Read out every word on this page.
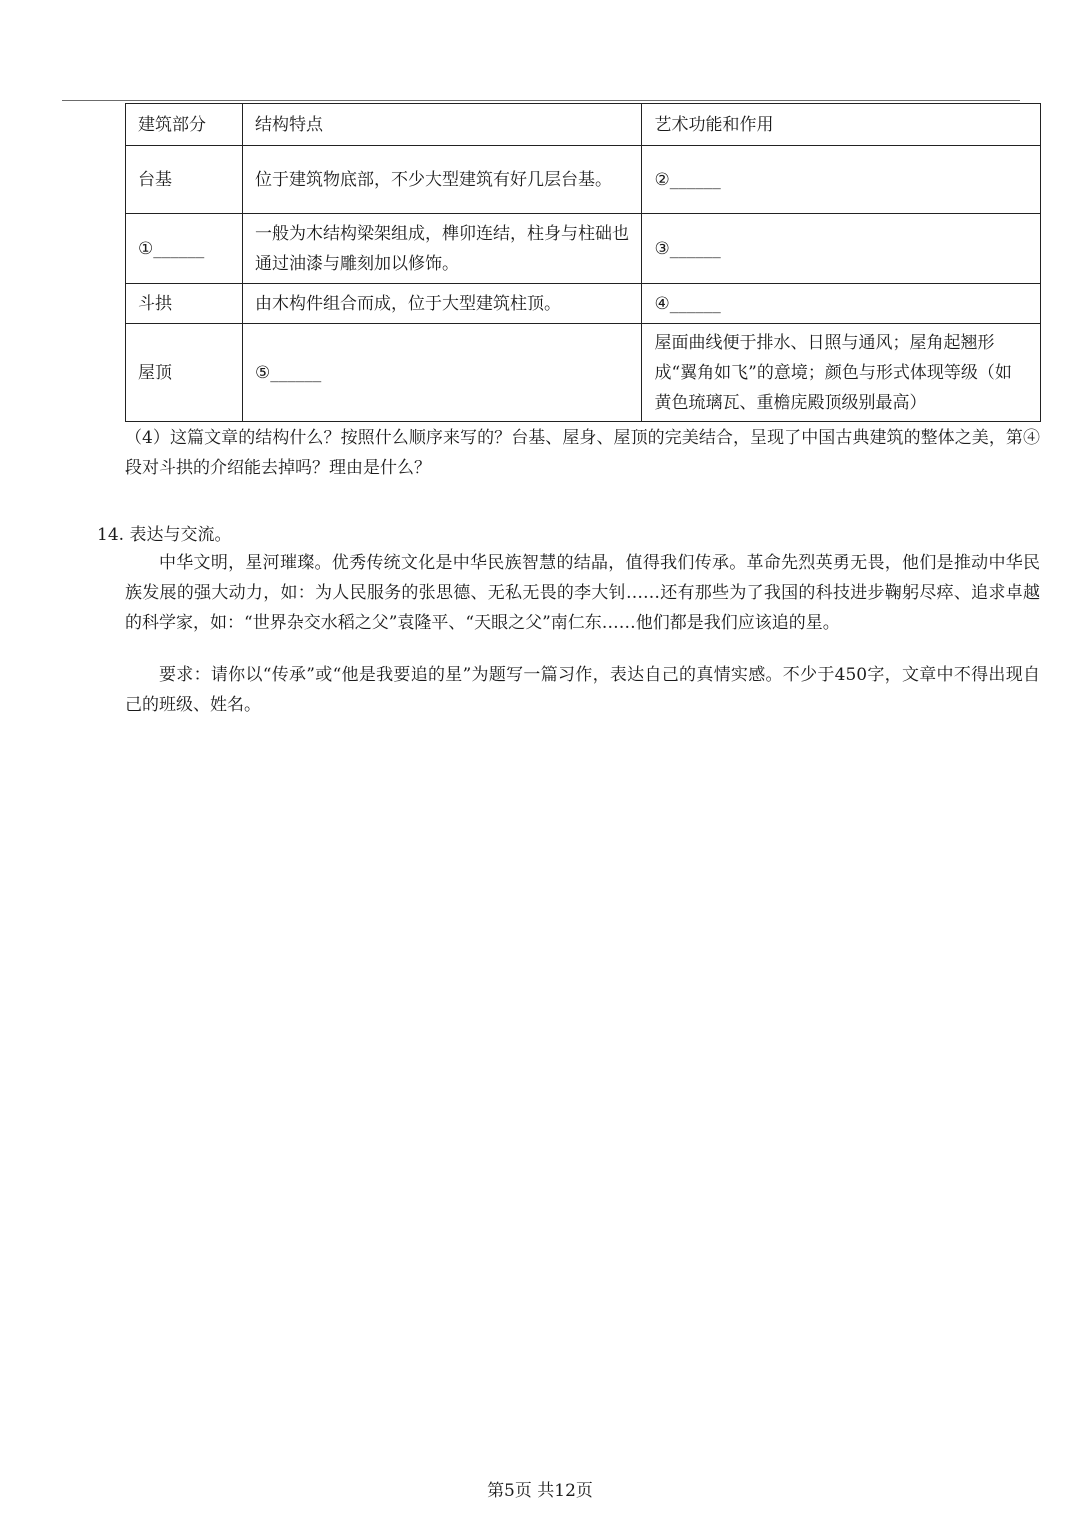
建筑部分	结构特点	艺术功能和作用
台基	位于建筑物底部，不少大型建筑有好几层台基。	②______
①______	一般为木结构梁架组成，榫卯连结，柱身与柱础也通过油漆与雕刻加以修饰。	③______
斗拱	由木构件组合而成，位于大型建筑柱顶。	④______
屋顶	⑤______	屋面曲线便于排水、日照与通风；屋角起翘形成“翼角如飞”的意境；颜色与形式体现等级（如黄色琉璃瓦、重檐庑殿顶级别最高）
（4）这篇文章的结构什么？按照什么顺序来写的？台基、屋身、屋顶的完美结合，呈现了中国古典建筑的整体之美，第④段对斗拱的介绍能去掉吗？理由是什么？
14. 表达与交流。
中华文明，星河璀璨。优秀传统文化是中华民族智慧的结晶，值得我们传承。革命先烈英勇无畏，他们是推动中华民族发展的强大动力，如：为人民服务的张思德、无私无畏的李大钊……还有那些为了我国的科技进步鞠躬尽瘁、追求卓越的科学家，如：“世界杂交水稻之父”袁隆平、“天眼之父”南仁东……他们都是我们应该追的星。
要求：请你以“传承”或“他是我要追的星”为题写一篇习作，表达自己的真情实感。不少于450字，文章中不得出现自己的班级、姓名。
第5页 共12页
